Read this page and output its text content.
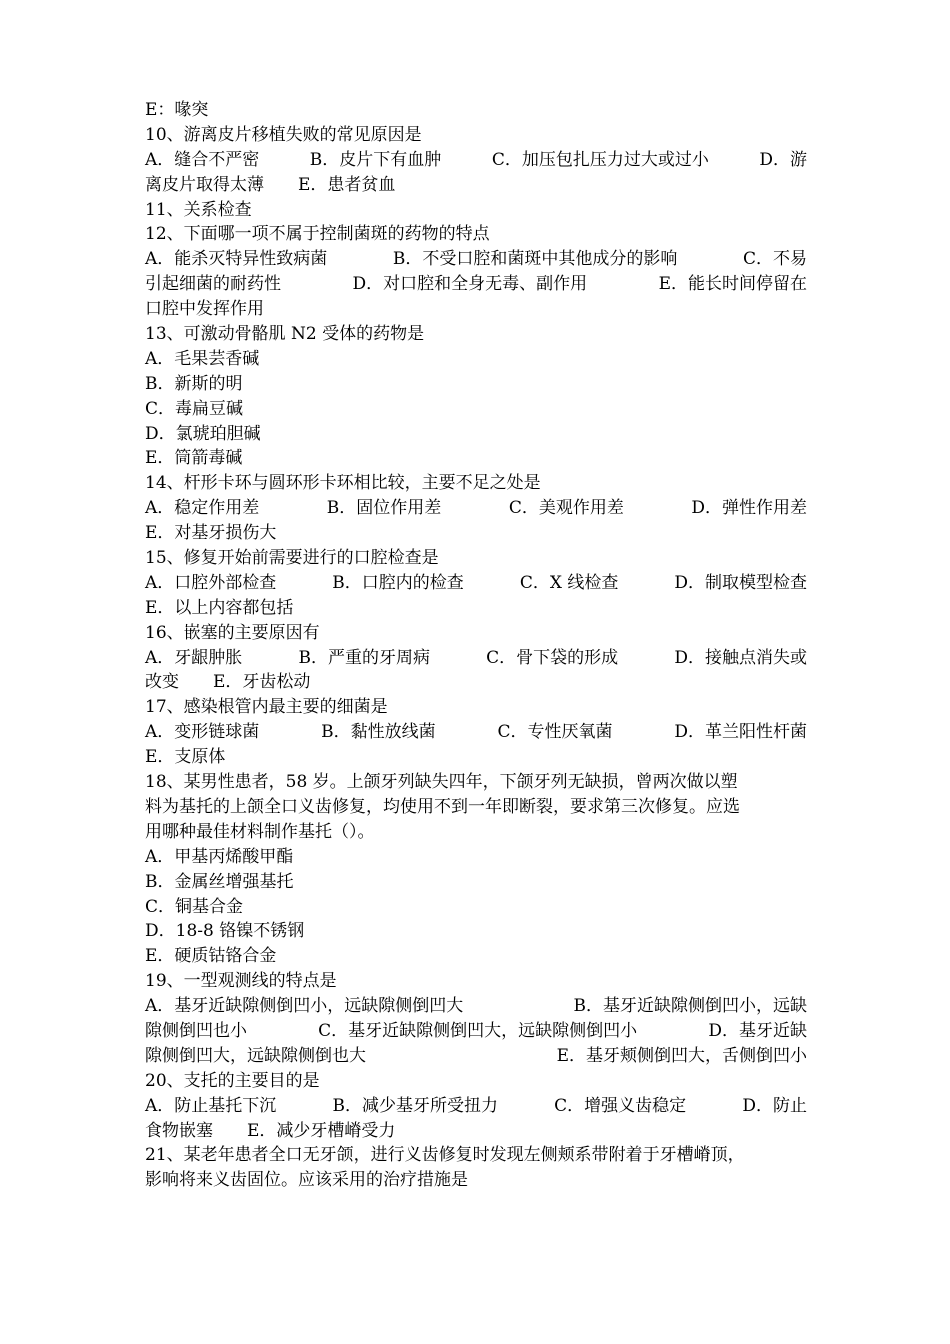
E：喙突
10、游离皮片移植失败的常见原因是
A．缝合不严密	B．皮片下有血肿	C．加压包扎压力过大或过小	D．游
离皮片取得太薄　　E．患者贫血
11、关系检查
12、下面哪一项不属于控制菌斑的药物的特点
A．能杀灭特异性致病菌	B．不受口腔和菌斑中其他成分的影响	C．不易
引起细菌的耐药性	D．对口腔和全身无毒、副作用	E．能长时间停留在
口腔中发挥作用
13、可激动骨骼肌 N2 受体的药物是
A．毛果芸香碱
B．新斯的明
C．毒扁豆碱
D．氯琥珀胆碱
E．筒箭毒碱
14、杆形卡环与圆环形卡环相比较，主要不足之处是
A．稳定作用差	B．固位作用差	C．美观作用差	D．弹性作用差
E．对基牙损伤大
15、修复开始前需要进行的口腔检查是
A．口腔外部检查	B．口腔内的检查	C．X 线检查	D．制取模型检查
E．以上内容都包括
16、嵌塞的主要原因有
A．牙龈肿胀	B．严重的牙周病	C．骨下袋的形成	D．接触点消失或
改变　　E．牙齿松动
17、感染根管内最主要的细菌是
A．变形链球菌	B．黏性放线菌	C．专性厌氧菌	D．革兰阳性杆菌
E．支原体
18、某男性患者，58 岁。上颌牙列缺失四年，下颌牙列无缺损，曾两次做以塑
料为基托的上颌全口义齿修复，均使用不到一年即断裂，要求第三次修复。应选
用哪种最佳材料制作基托（）。
A．甲基丙烯酸甲酯
B．金属丝增强基托
C．铜基合金
D．18-8 铬镍不锈钢
E．硬质钴铬合金
19、一型观测线的特点是
A．基牙近缺隙侧倒凹小，远缺隙侧倒凹大	B．基牙近缺隙侧倒凹小，远缺
隙侧倒凹也小	C．基牙近缺隙侧倒凹大，远缺隙侧倒凹小	D．基牙近缺
隙侧倒凹大，远缺隙侧倒也大	E．基牙颊侧倒凹大，舌侧倒凹小
20、支托的主要目的是
A．防止基托下沉	B．减少基牙所受扭力	C．增强义齿稳定	D．防止
食物嵌塞　　E．减少牙槽嵴受力
21、某老年患者全口无牙颌，进行义齿修复时发现左侧颊系带附着于牙槽嵴顶，
影响将来义齿固位。应该采用的治疗措施是
